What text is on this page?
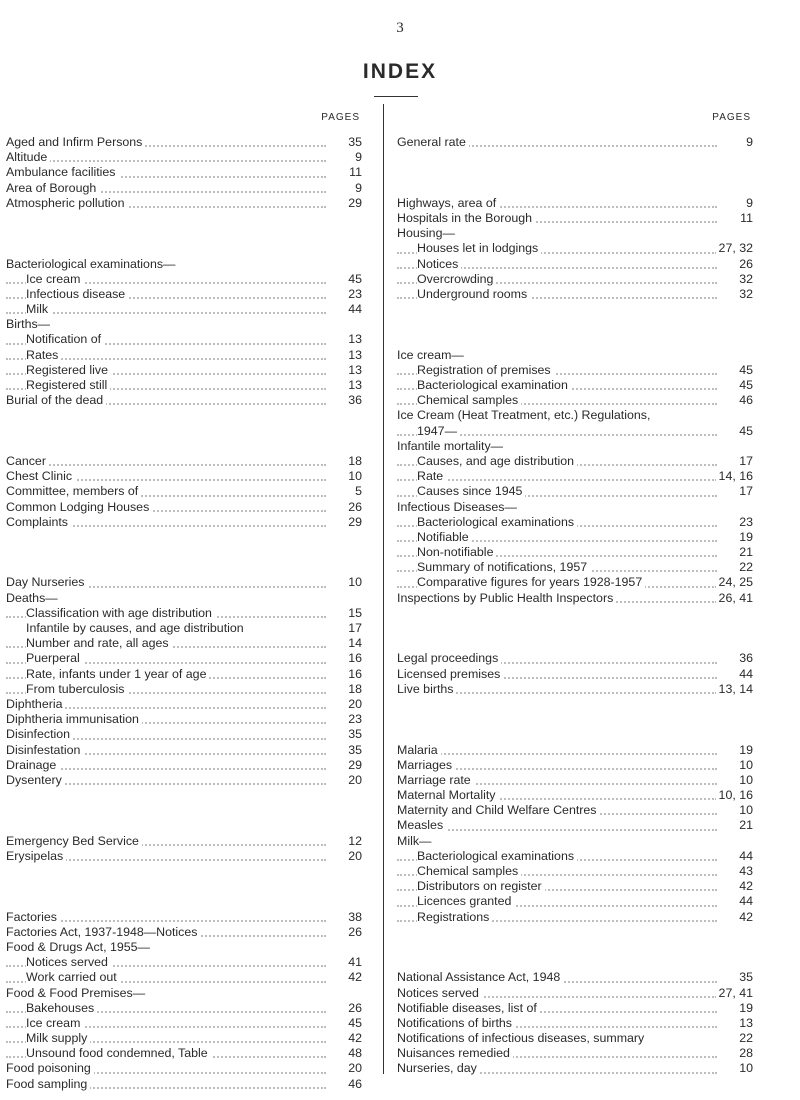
3
INDEX
PAGES
Aged and Infirm Persons	35
Altitude	9
Ambulance facilities	11
Area of Borough	9
Atmospheric pollution	29
Bacteriological examinations—
Ice cream	45
Infectious disease	23
Milk	44
Births—
Notification of	13
Rates	13
Registered live	13
Registered still	13
Burial of the dead	36
Cancer	18
Chest Clinic	10
Committee, members of	5
Common Lodging Houses	26
Complaints	29
Day Nurseries	10
Deaths—
Classification with age distribution	15
Infantile by causes, and age distribution	17
Number and rate, all ages	14
Puerperal	16
Rate, infants under 1 year of age	16
From tuberculosis	18
Diphtheria	20
Diphtheria immunisation	23
Disinfection	35
Disinfestation	35
Drainage	29
Dysentery	20
Emergency Bed Service	12
Erysipelas	20
Factories	38
Factories Act, 1937-1948—Notices	26
Food & Drugs Act, 1955—
Notices served	41
Work carried out	42
Food & Food Premises—
Bakehouses	26
Ice cream	45
Milk supply	42
Unsound food condemned, Table	48
Food poisoning	20
Food sampling	46
PAGES
General rate	9
Highways, area of	9
Hospitals in the Borough	11
Housing—
Houses let in lodgings	27, 32
Notices	26
Overcrowding	32
Underground rooms	32
Ice cream—
Registration of premises	45
Bacteriological examination	45
Chemical samples	46
Ice Cream (Heat Treatment, etc.) Regulations,
1947—	45
Infantile mortality—
Causes, and age distribution	17
Rate	14, 16
Causes since 1945	17
Infectious Diseases—
Bacteriological examinations	23
Notifiable	19
Non-notifiable	21
Summary of notifications, 1957	22
Comparative figures for years 1928-1957	24, 25
Inspections by Public Health Inspectors	26, 41
Legal proceedings	36
Licensed premises	44
Live births	13, 14
Malaria	19
Marriages	10
Marriage rate	10
Maternal Mortality	10, 16
Maternity and Child Welfare Centres	10
Measles	21
Milk—
Bacteriological examinations	44
Chemical samples	43
Distributors on register	42
Licences granted	44
Registrations	42
National Assistance Act, 1948	35
Notices served	27, 41
Notifiable diseases, list of	19
Notifications of births	13
Notifications of infectious diseases, summary	22
Nuisances remedied	28
Nurseries, day	10
